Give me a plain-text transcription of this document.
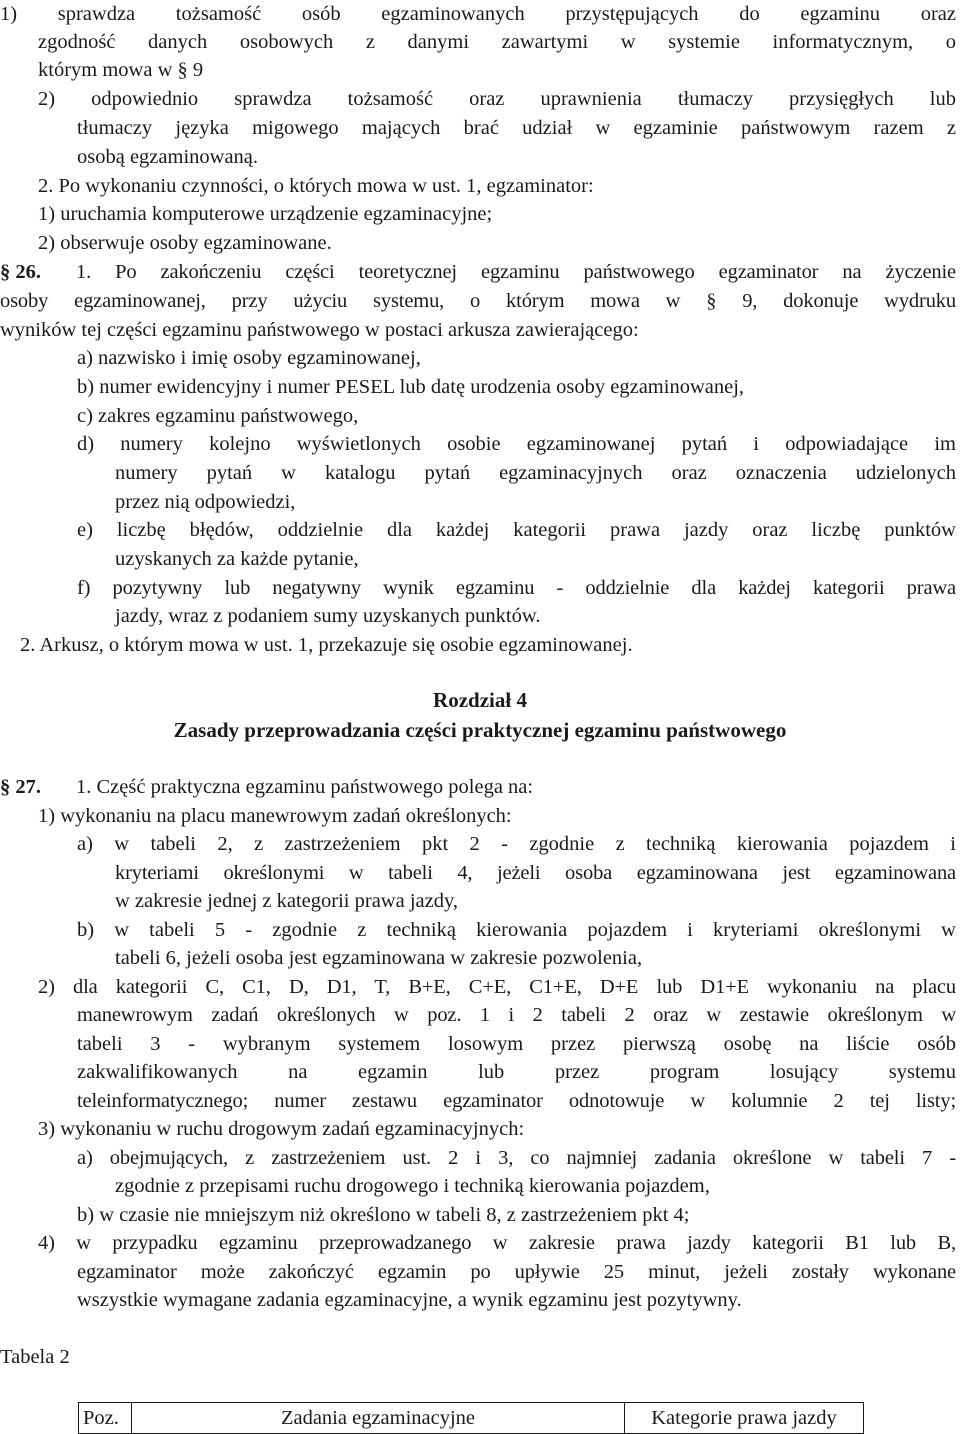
1) sprawdza tożsamość osób egzaminowanych przystępujących do egzaminu oraz
zgodność danych osobowych z danymi zawartymi w systemie informatycznym, o
którym mowa w § 9
2) odpowiednio sprawdza tożsamość oraz uprawnienia tłumaczy przysięgłych lub
tłumaczy języka migowego mających brać udział w egzaminie państwowym razem z
osobą egzaminowaną.
2. Po wykonaniu czynności, o których mowa w ust. 1, egzaminator:
1) uruchamia komputerowe urządzenie egzaminacyjne;
2) obserwuje osoby egzaminowane.
§ 26. 1. Po zakończeniu części teoretycznej egzaminu państwowego egzaminator na życzenie
osoby egzaminowanej, przy użyciu systemu, o którym mowa w § 9, dokonuje wydruku
wyników tej części egzaminu państwowego w postaci arkusza zawierającego:
a) nazwisko i imię osoby egzaminowanej,
b) numer ewidencyjny i numer PESEL lub datę urodzenia osoby egzaminowanej,
c) zakres egzaminu państwowego,
d) numery kolejno wyświetlonych osobie egzaminowanej pytań i odpowiadające im
numery pytań w katalogu pytań egzaminacyjnych oraz oznaczenia udzielonych
przez nią odpowiedzi,
e) liczbę błędów, oddzielnie dla każdej kategorii prawa jazdy oraz liczbę punktów
uzyskanych za każde pytanie,
f) pozytywny lub negatywny wynik egzaminu - oddzielnie dla każdej kategorii prawa
jazdy, wraz z podaniem sumy uzyskanych punktów.
2. Arkusz, o którym mowa w ust. 1, przekazuje się osobie egzaminowanej.
Rozdział 4
Zasady przeprowadzania części praktycznej egzaminu państwowego
§ 27. 1. Część praktyczna egzaminu państwowego polega na:
1) wykonaniu na placu manewrowym zadań określonych:
a) w tabeli 2, z zastrzeżeniem pkt 2 - zgodnie z techniką kierowania pojazdem i
kryteriami określonymi w tabeli 4, jeżeli osoba egzaminowana jest egzaminowana
w zakresie jednej z kategorii prawa jazdy,
b) w tabeli 5 - zgodnie z techniką kierowania pojazdem i kryteriami określonymi w
tabeli 6, jeżeli osoba jest egzaminowana w zakresie pozwolenia,
2) dla kategorii C, C1, D, D1, T, B+E, C+E, C1+E, D+E lub D1+E wykonaniu na placu
manewrowym zadań określonych w poz. 1 i 2 tabeli 2 oraz w zestawie określonym w
tabeli 3 - wybranym systemem losowym przez pierwszą osobę na liście osób
zakwalifikowanych na egzamin lub przez program losujący systemu
teleinformatycznego; numer zestawu egzaminator odnotowuje w kolumnie 2 tej listy;
3) wykonaniu w ruchu drogowym zadań egzaminacyjnych:
a) obejmujących, z zastrzeżeniem ust. 2 i 3, co najmniej zadania określone w tabeli 7 -
zgodnie z przepisami ruchu drogowego i techniką kierowania pojazdem,
b) w czasie nie mniejszym niż określono w tabeli 8, z zastrzeżeniem pkt 4;
4) w przypadku egzaminu przeprowadzanego w zakresie prawa jazdy kategorii B1 lub B,
egzaminator może zakończyć egzamin po upływie 25 minut, jeżeli zostały wykonane
wszystkie wymagane zadania egzaminacyjne, a wynik egzaminu jest pozytywny.
Tabela 2
Poz.	Zadania egzaminacyjne	Kategorie prawa jazdy
